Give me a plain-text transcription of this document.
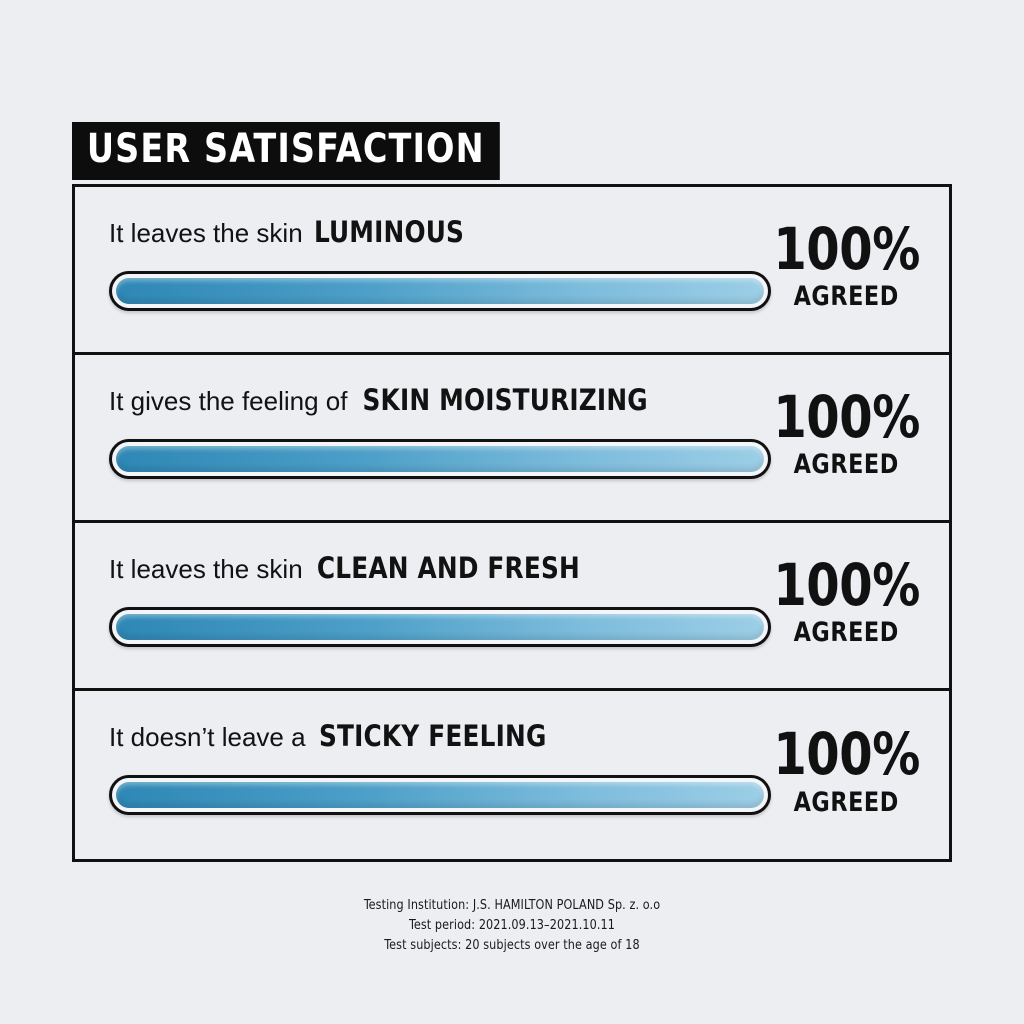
USER SATISFACTION
It leaves the skin LUMINOUS	100%
AGREED
It gives the feeling of SKIN MOISTURIZING	100%
AGREED
It leaves the skin CLEAN AND FRESH	100%
AGREED
It doesn’t leave a STICKY FEELING	100%
AGREED
Testing Institution: J.S. HAMILTON POLAND Sp. z. o.o
Test period: 2021.09.13–2021.10.11
Test subjects: 20 subjects over the age of 18
